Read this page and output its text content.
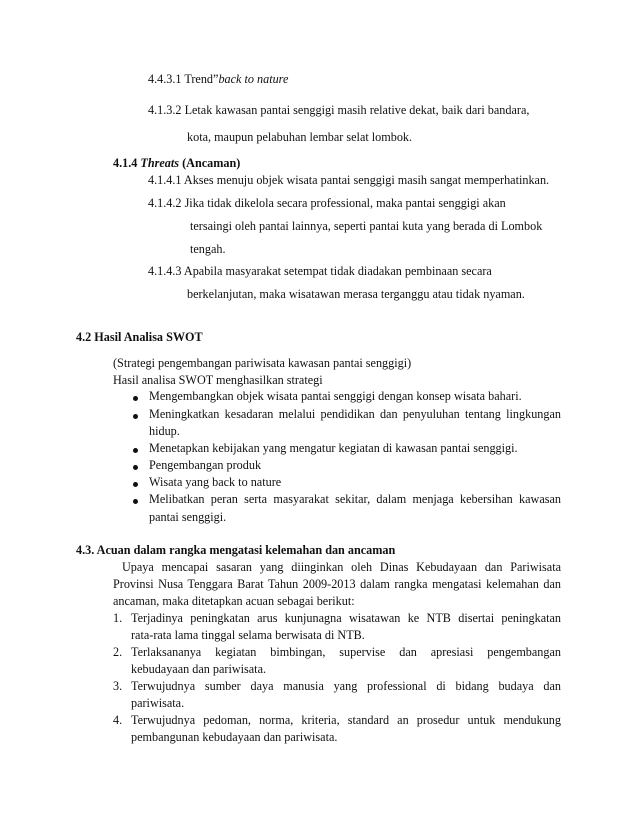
4.4.3.1 Trend”back to nature
4.1.3.2 Letak kawasan pantai senggigi masih relative dekat, baik dari bandara,
kota, maupun pelabuhan lembar selat lombok.
4.1.4 Threats (Ancaman)
4.1.4.1 Akses menuju objek wisata pantai senggigi masih sangat memperhatinkan.
4.1.4.2 Jika tidak dikelola secara professional, maka pantai senggigi akan
tersaingi oleh pantai lainnya, seperti pantai kuta yang berada di Lombok
tengah.
4.1.4.3 Apabila masyarakat setempat tidak diadakan pembinaan secara
berkelanjutan, maka wisatawan merasa terganggu atau tidak nyaman.
4.2 Hasil Analisa SWOT
(Strategi pengembangan pariwisata kawasan pantai senggigi)
Hasil analisa SWOT menghasilkan strategi
Mengembangkan objek wisata pantai senggigi dengan konsep wisata bahari.
Meningkatkan kesadaran melalui pendidikan dan penyuluhan tentang lingkungan
hidup.
Menetapkan kebijakan yang mengatur kegiatan di kawasan pantai senggigi.
Pengembangan produk
Wisata yang back to nature
Melibatkan peran serta masyarakat sekitar, dalam menjaga kebersihan kawasan
pantai senggigi.
4.3. Acuan dalam rangka mengatasi kelemahan dan ancaman
Upaya mencapai sasaran yang diinginkan oleh Dinas Kebudayaan dan Pariwisata
Provinsi Nusa Tenggara Barat Tahun 2009-2013 dalam rangka mengatasi kelemahan dan
ancaman, maka ditetapkan acuan sebagai berikut:
1. Terjadinya peningkatan arus kunjunagna wisatawan ke NTB disertai peningkatan
rata-rata lama tinggal selama berwisata di NTB.
2. Terlaksananya kegiatan bimbingan, supervise dan apresiasi pengembangan
kebudayaan dan pariwisata.
3. Terwujudnya sumber daya manusia yang professional di bidang budaya dan
pariwisata.
4. Terwujudnya pedoman, norma, kriteria, standard an prosedur untuk mendukung
pembangunan kebudayaan dan pariwisata.
